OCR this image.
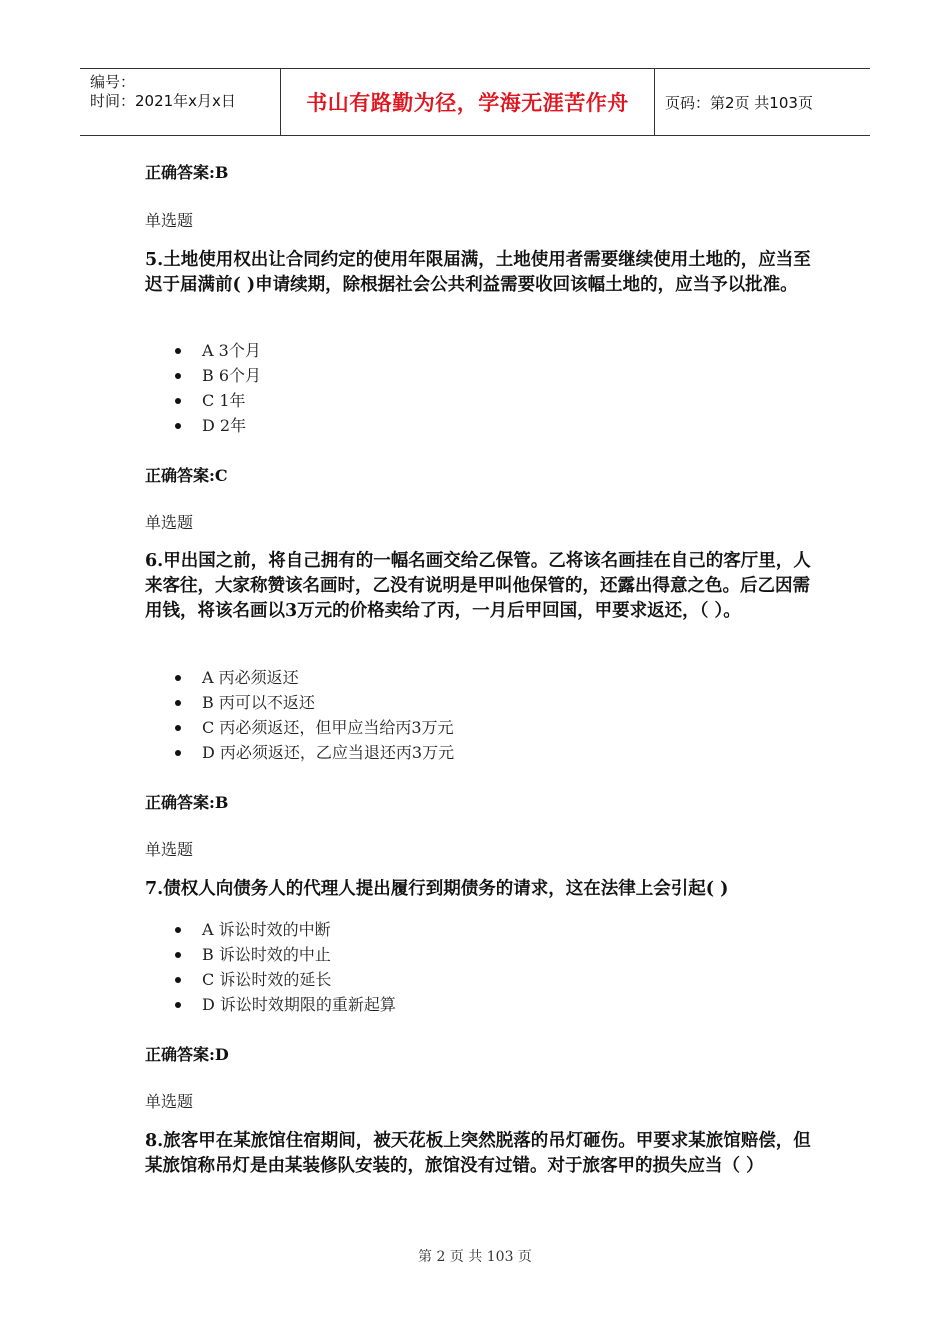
编号：
时间：2021年x月x日	书山有路勤为径，学海无涯苦作舟	页码：第2页 共103页
正确答案:B
单选题
5.土地使用权出让合同约定的使用年限届满，土地使用者需要继续使用土地的，应当至迟于届满前( )申请续期，除根据社会公共利益需要收回该幅土地的，应当予以批准。
A 3个月
B 6个月
C 1年
D 2年
正确答案:C
单选题
6.甲出国之前，将自己拥有的一幅名画交给乙保管。乙将该名画挂在自己的客厅里，人来客往，大家称赞该名画时，乙没有说明是甲叫他保管的，还露出得意之色。后乙因需用钱，将该名画以3万元的价格卖给了丙，一月后甲回国，甲要求返还，（ ）。
A 丙必须返还
B 丙可以不返还
C 丙必须返还，但甲应当给丙3万元
D 丙必须返还，乙应当退还丙3万元
正确答案:B
单选题
7.债权人向债务人的代理人提出履行到期债务的请求，这在法律上会引起( )
A 诉讼时效的中断
B 诉讼时效的中止
C 诉讼时效的延长
D 诉讼时效期限的重新起算
正确答案:D
单选题
8.旅客甲在某旅馆住宿期间，被天花板上突然脱落的吊灯砸伤。甲要求某旅馆赔偿，但某旅馆称吊灯是由某装修队安装的，旅馆没有过错。对于旅客甲的损失应当（ ）
第 2 页 共 103 页
